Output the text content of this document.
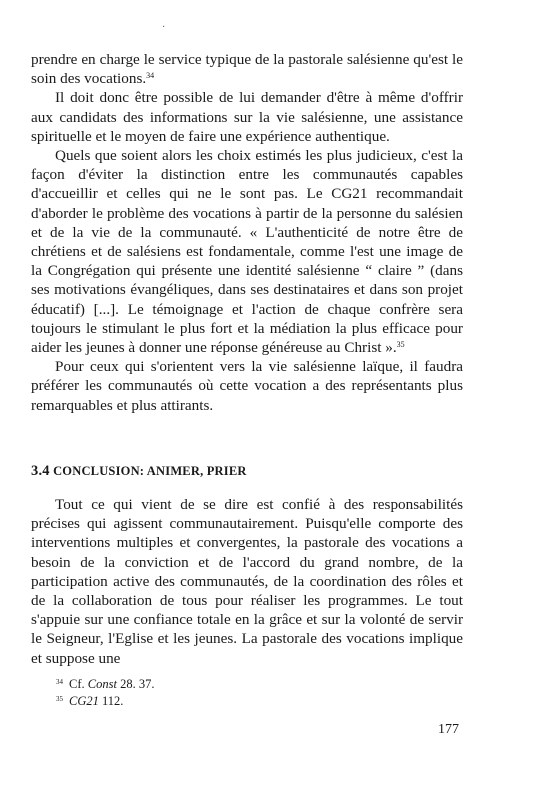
·

prendre en charge le service typique de la pastorale salésienne qu'est le soin des vocations.$^{34}$

Il doit donc être possible de lui demander d'être à même d'offrir aux candidats des informations sur la vie salésienne, une assistance spirituelle et le moyen de faire une expérience authentique.

Quels que soient alors les choix estimés les plus judicieux, c'est la façon d'éviter la distinction entre les communautés capables d'accueillir et celles qui ne le sont pas. Le CG21 recommandait d'aborder le problème des vocations à partir de la personne du salésien et de la vie de la communauté. « L'authenticité de notre être de chrétiens et de salésiens est fondamentale, comme l'est une image de la Congrégation qui présente une identité salésienne “ claire ” (dans ses motivations évangéliques, dans ses destinataires et dans son projet éducatif) [...]. Le témoignage et l'action de chaque confrère sera toujours le stimulant le plus fort et la médiation la plus efficace pour aider les jeunes à donner une réponse généreuse au Christ ».$^{35}$

Pour ceux qui s'orientent vers la vie salésienne laïque, il faudra préférer les communautés où cette vocation a des représentants plus remarquables et plus attirants.

3.4 CONCLUSION: ANIMER, PRIER

Tout ce qui vient de se dire est confié à des responsabilités précises qui agissent communautairement. Puisqu'elle comporte des interventions multiples et convergentes, la pastorale des vocations a besoin de la conviction et de l'accord du grand nombre, de la participation active des communautés, de la coordination des rôles et de la collaboration de tous pour réaliser les programmes. Le tout s'appuie sur une confiance totale en la grâce et sur la volonté de servir le Seigneur, l'Eglise et les jeunes. La pastorale des vocations implique et suppose une

$^{34}$ Cf. Const 28. 37.
$^{35}$ CG21 112.
177
